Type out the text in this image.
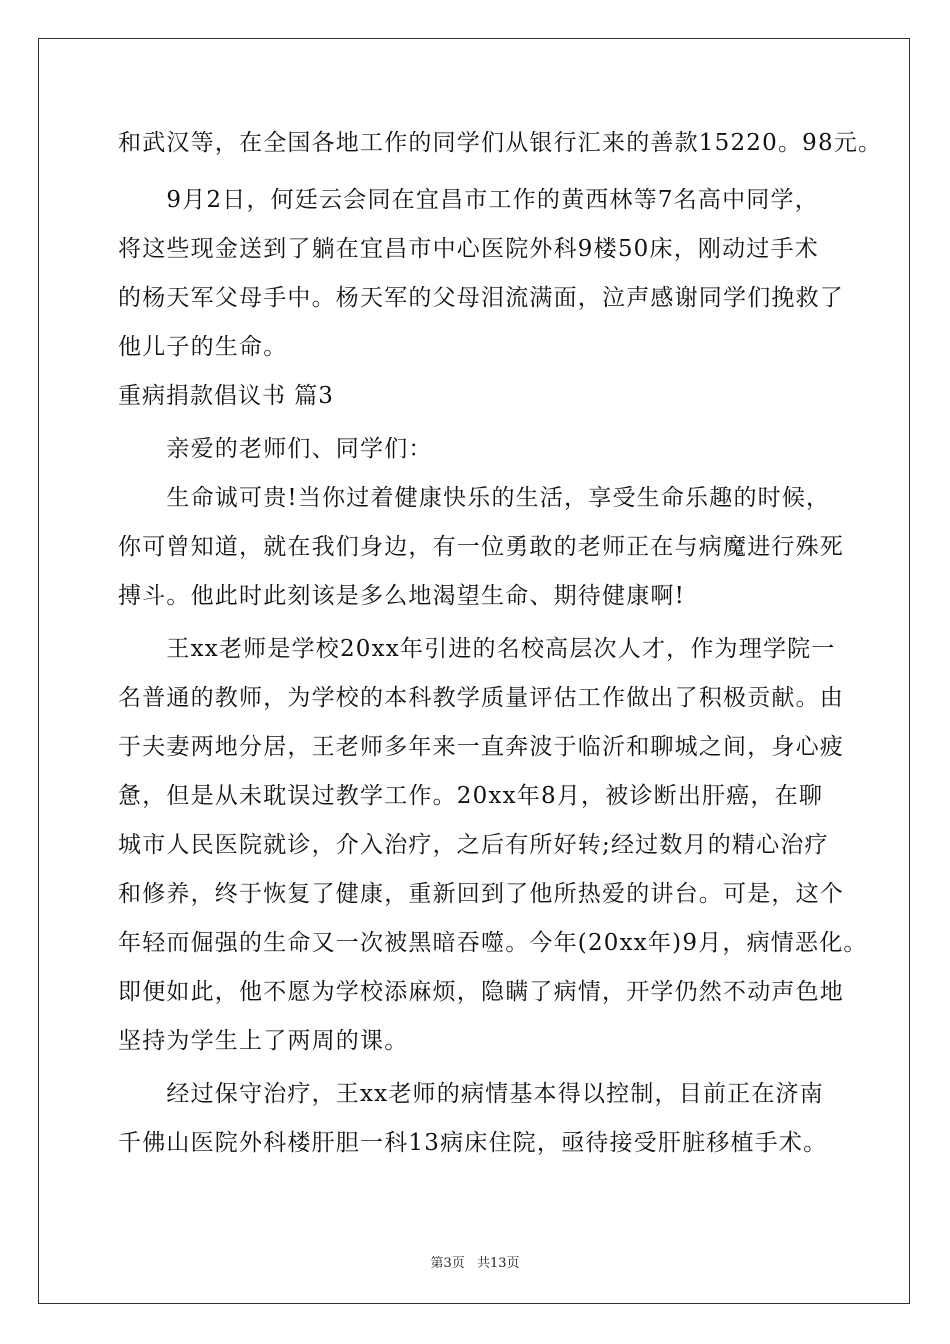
和武汉等，在全国各地工作的同学们从银行汇来的善款15220。98元。
　　9月2日，何廷云会同在宜昌市工作的黄西林等7名高中同学，
将这些现金送到了躺在宜昌市中心医院外科9楼50床，刚动过手术
的杨天军父母手中。杨天军的父母泪流满面，泣声感谢同学们挽救了
他儿子的生命。
重病捐款倡议书 篇3
　　亲爱的老师们、同学们：
　　生命诚可贵!当你过着健康快乐的生活，享受生命乐趣的时候，
你可曾知道，就在我们身边，有一位勇敢的老师正在与病魔进行殊死
搏斗。他此时此刻该是多么地渴望生命、期待健康啊!
　　王xx老师是学校20xx年引进的名校高层次人才，作为理学院一
名普通的教师，为学校的本科教学质量评估工作做出了积极贡献。由
于夫妻两地分居，王老师多年来一直奔波于临沂和聊城之间，身心疲
惫，但是从未耽误过教学工作。20xx年8月，被诊断出肝癌，在聊
城市人民医院就诊，介入治疗，之后有所好转;经过数月的精心治疗
和修养，终于恢复了健康，重新回到了他所热爱的讲台。可是，这个
年轻而倔强的生命又一次被黑暗吞噬。今年(20xx年)9月，病情恶化。
即便如此，他不愿为学校添麻烦，隐瞒了病情，开学仍然不动声色地
坚持为学生上了两周的课。
　　经过保守治疗，王xx老师的病情基本得以控制，目前正在济南
千佛山医院外科楼肝胆一科13病床住院，亟待接受肝脏移植手术。
第3页 共13页
